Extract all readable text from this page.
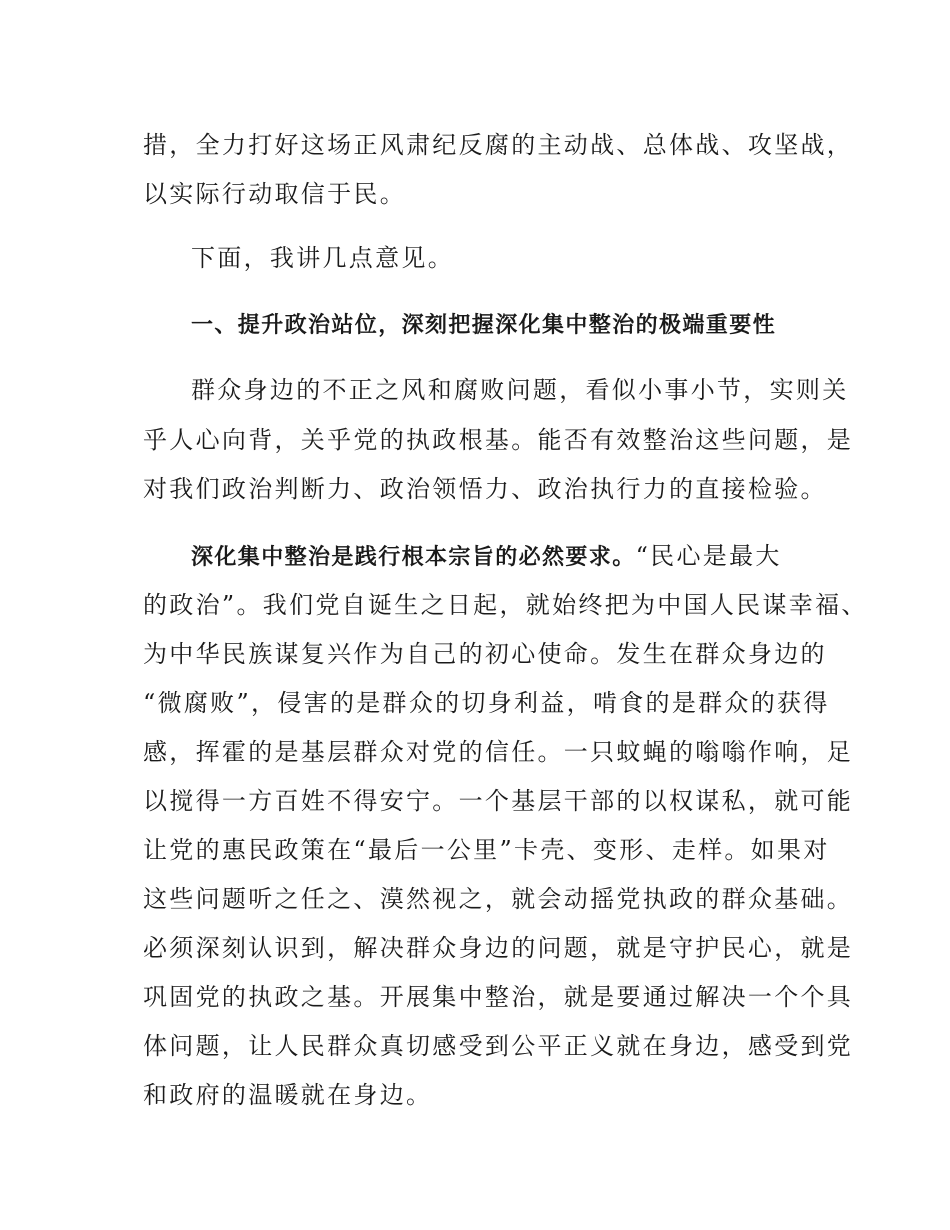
措，全力打好这场正风肃纪反腐的主动战、总体战、攻坚战，
以实际行动取信于民。
下面，我讲几点意见。
一、提升政治站位，深刻把握深化集中整治的极端重要性
群众身边的不正之风和腐败问题，看似小事小节，实则关
乎人心向背，关乎党的执政根基。能否有效整治这些问题，是
对我们政治判断力、政治领悟力、政治执行力的直接检验。
深化集中整治是践行根本宗旨的必然要求。“民心是最大
的政治”。我们党自诞生之日起，就始终把为中国人民谋幸福、
为中华民族谋复兴作为自己的初心使命。发生在群众身边的
“微腐败”，侵害的是群众的切身利益，啃食的是群众的获得
感，挥霍的是基层群众对党的信任。一只蚊蝇的嗡嗡作响，足
以搅得一方百姓不得安宁。一个基层干部的以权谋私，就可能
让党的惠民政策在“最后一公里”卡壳、变形、走样。如果对
这些问题听之任之、漠然视之，就会动摇党执政的群众基础。
必须深刻认识到，解决群众身边的问题，就是守护民心，就是
巩固党的执政之基。开展集中整治，就是要通过解决一个个具
体问题，让人民群众真切感受到公平正义就在身边，感受到党
和政府的温暖就在身边。
